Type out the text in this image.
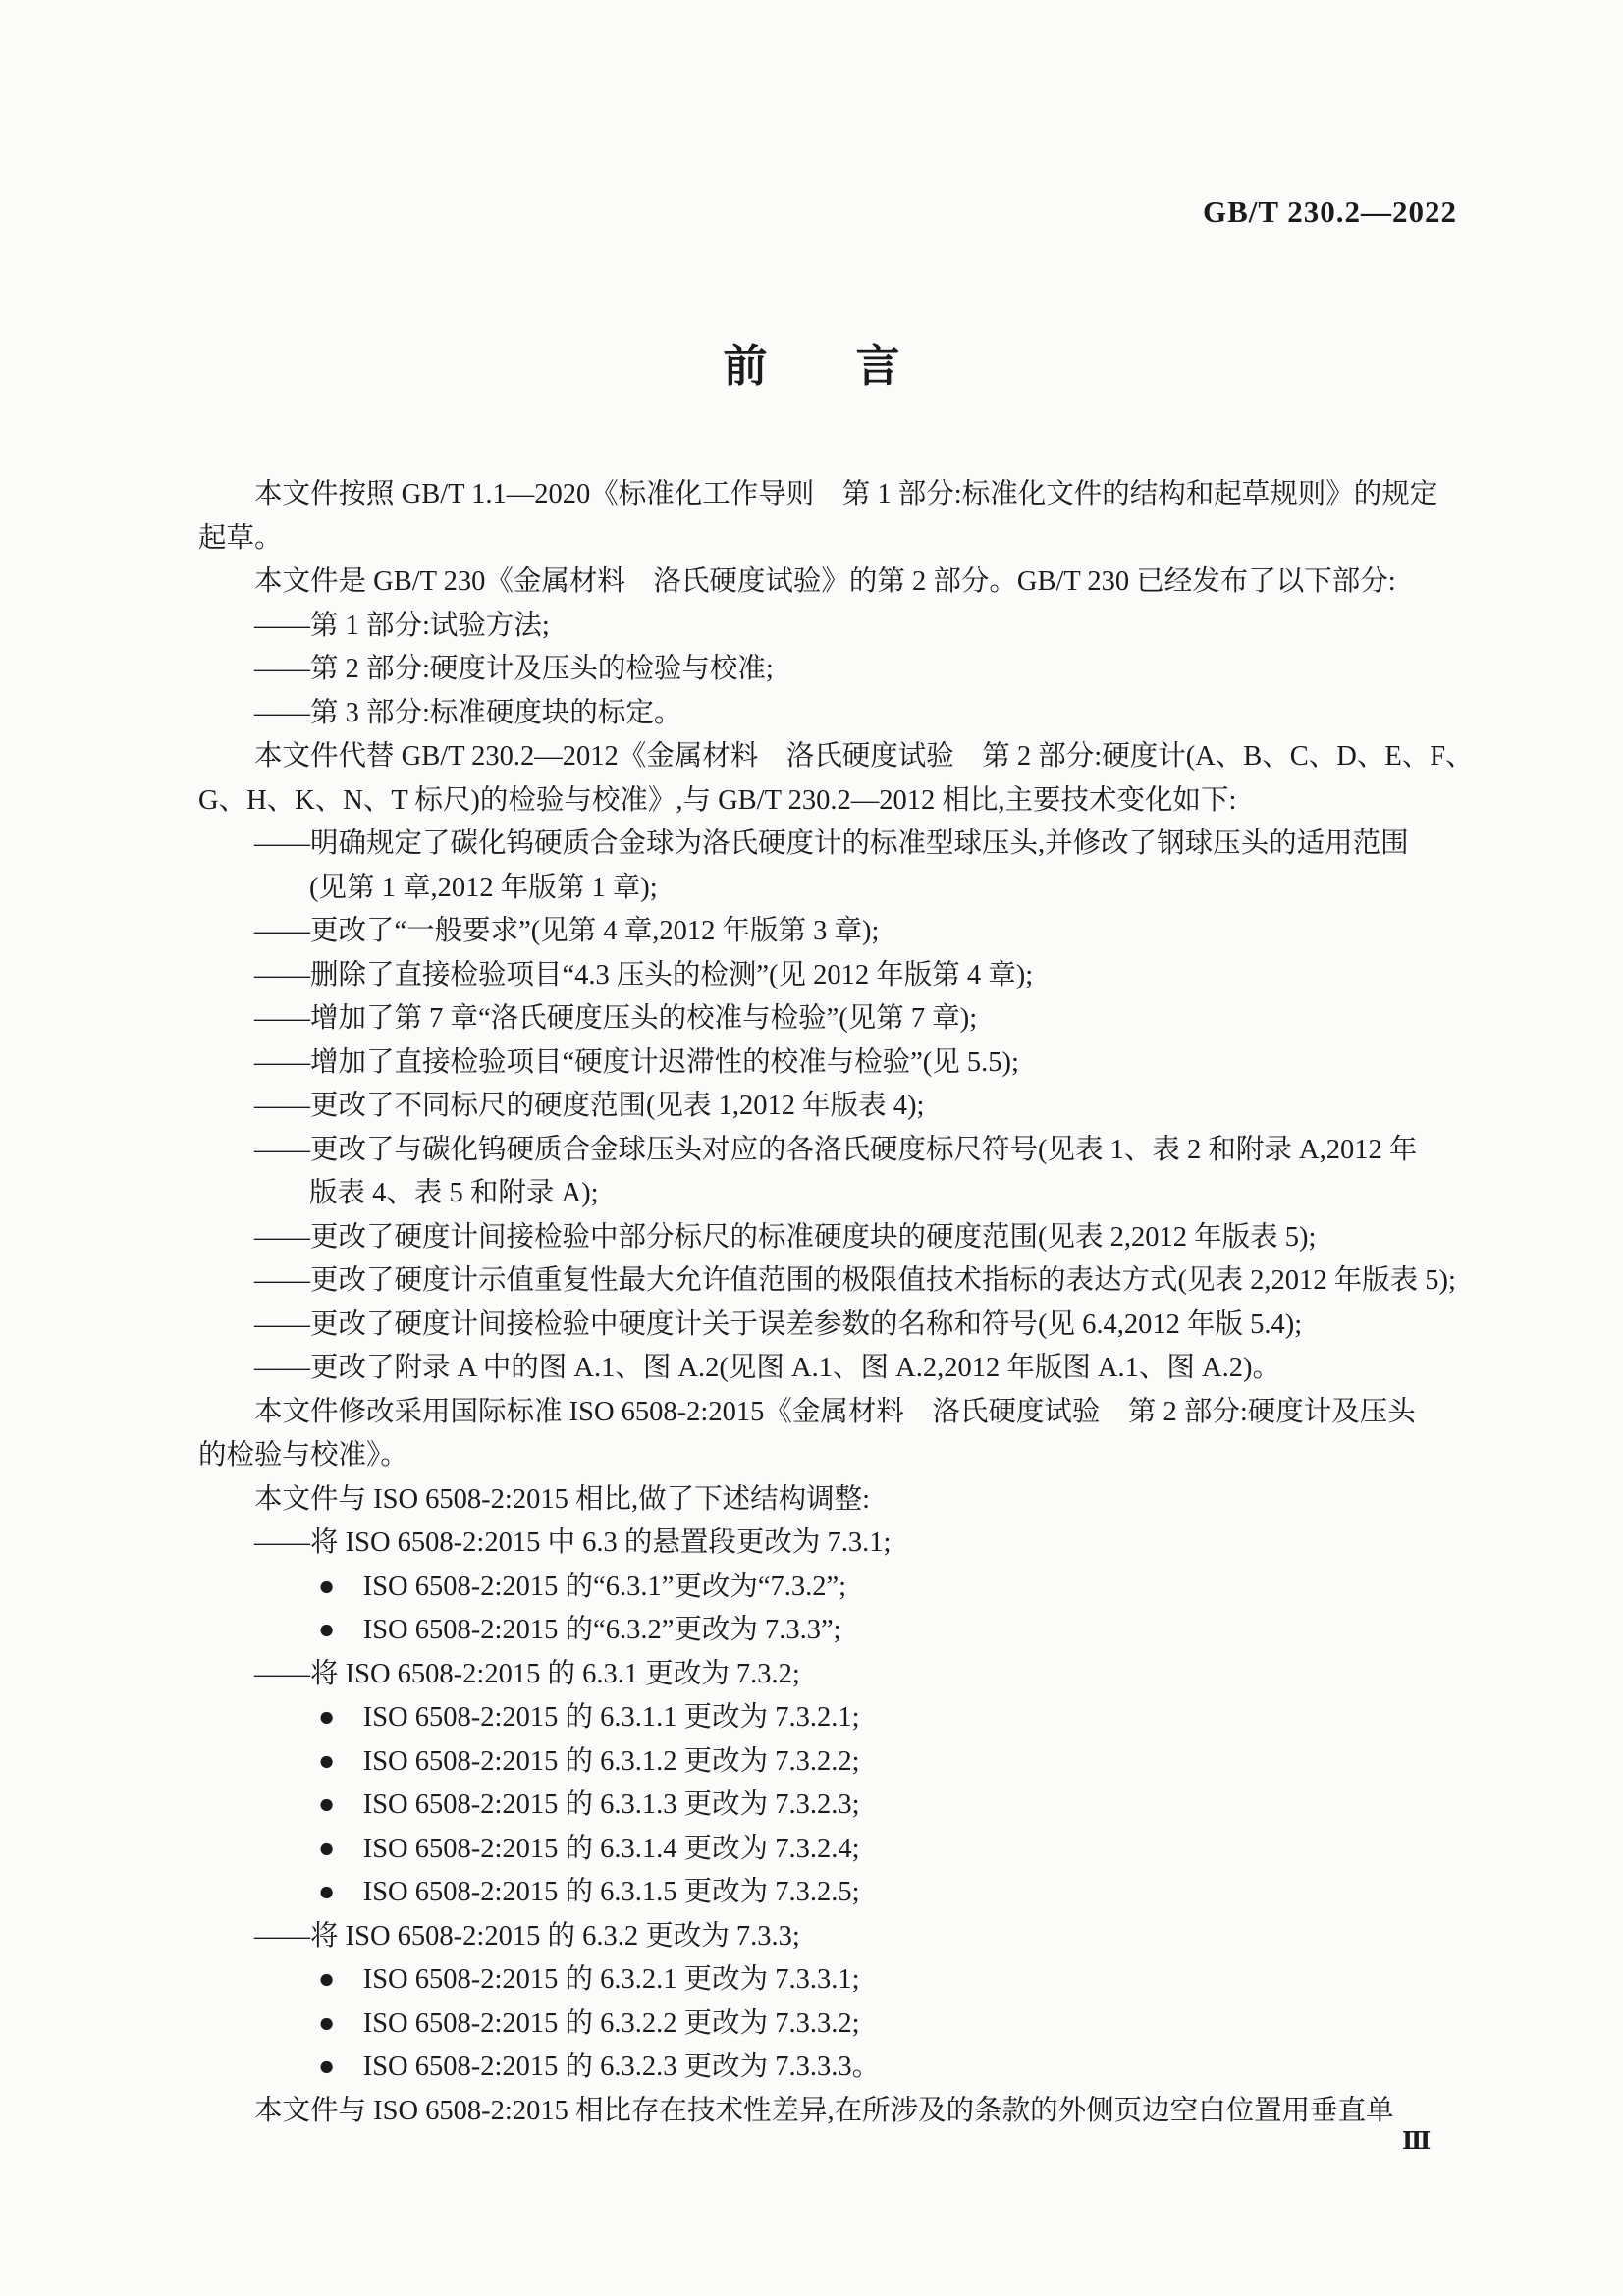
GB/T 230.2—2022
前　　言
本文件按照 GB/T 1.1—2020《标准化工作导则　第 1 部分:标准化文件的结构和起草规则》的规定
起草。
本文件是 GB/T 230《金属材料　洛氏硬度试验》的第 2 部分。GB/T 230 已经发布了以下部分:
——第 1 部分:试验方法;
——第 2 部分:硬度计及压头的检验与校准;
——第 3 部分:标准硬度块的标定。
本文件代替 GB/T 230.2—2012《金属材料　洛氏硬度试验　第 2 部分:硬度计(A、B、C、D、E、F、
G、H、K、N、T 标尺)的检验与校准》,与 GB/T 230.2—2012 相比,主要技术变化如下:
——明确规定了碳化钨硬质合金球为洛氏硬度计的标准型球压头,并修改了钢球压头的适用范围
(见第 1 章,2012 年版第 1 章);
——更改了“一般要求”(见第 4 章,2012 年版第 3 章);
——删除了直接检验项目“4.3 压头的检测”(见 2012 年版第 4 章);
——增加了第 7 章“洛氏硬度压头的校准与检验”(见第 7 章);
——增加了直接检验项目“硬度计迟滞性的校准与检验”(见 5.5);
——更改了不同标尺的硬度范围(见表 1,2012 年版表 4);
——更改了与碳化钨硬质合金球压头对应的各洛氏硬度标尺符号(见表 1、表 2 和附录 A,2012 年
版表 4、表 5 和附录 A);
——更改了硬度计间接检验中部分标尺的标准硬度块的硬度范围(见表 2,2012 年版表 5);
——更改了硬度计示值重复性最大允许值范围的极限值技术指标的表达方式(见表 2,2012 年版表 5);
——更改了硬度计间接检验中硬度计关于误差参数的名称和符号(见 6.4,2012 年版 5.4);
——更改了附录 A 中的图 A.1、图 A.2(见图 A.1、图 A.2,2012 年版图 A.1、图 A.2)。
本文件修改采用国际标准 ISO 6508-2:2015《金属材料　洛氏硬度试验　第 2 部分:硬度计及压头
的检验与校准》。
本文件与 ISO 6508-2:2015 相比,做了下述结构调整:
——将 ISO 6508-2:2015 中 6.3 的悬置段更改为 7.3.1;
●　ISO 6508-2:2015 的“6.3.1”更改为“7.3.2”;
●　ISO 6508-2:2015 的“6.3.2”更改为 7.3.3”;
——将 ISO 6508-2:2015 的 6.3.1 更改为 7.3.2;
●　ISO 6508-2:2015 的 6.3.1.1 更改为 7.3.2.1;
●　ISO 6508-2:2015 的 6.3.1.2 更改为 7.3.2.2;
●　ISO 6508-2:2015 的 6.3.1.3 更改为 7.3.2.3;
●　ISO 6508-2:2015 的 6.3.1.4 更改为 7.3.2.4;
●　ISO 6508-2:2015 的 6.3.1.5 更改为 7.3.2.5;
——将 ISO 6508-2:2015 的 6.3.2 更改为 7.3.3;
●　ISO 6508-2:2015 的 6.3.2.1 更改为 7.3.3.1;
●　ISO 6508-2:2015 的 6.3.2.2 更改为 7.3.3.2;
●　ISO 6508-2:2015 的 6.3.2.3 更改为 7.3.3.3。
本文件与 ISO 6508-2:2015 相比存在技术性差异,在所涉及的条款的外侧页边空白位置用垂直单
Ⅲ
